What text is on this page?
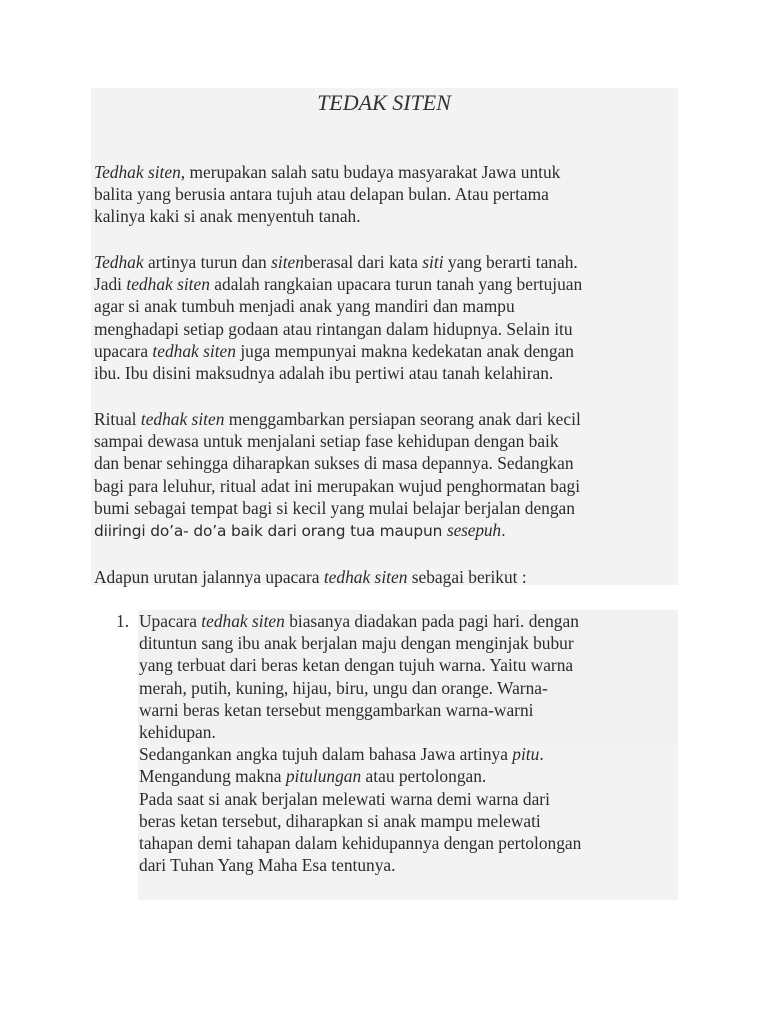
TEDAK SITEN
Tedhak siten, merupakan salah satu budaya masyarakat Jawa untuk
balita yang berusia antara tujuh atau delapan bulan. Atau pertama
kalinya kaki si anak menyentuh tanah.
Tedhak artinya turun dan sitenberasal dari kata siti yang berarti tanah.
Jadi tedhak siten adalah rangkaian upacara turun tanah yang bertujuan
agar si anak tumbuh menjadi anak yang mandiri dan mampu
menghadapi setiap godaan atau rintangan dalam hidupnya. Selain itu
upacara tedhak siten juga mempunyai makna kedekatan anak dengan
ibu. Ibu disini maksudnya adalah ibu pertiwi atau tanah kelahiran.
Ritual tedhak siten menggambarkan persiapan seorang anak dari kecil
sampai dewasa untuk menjalani setiap fase kehidupan dengan baik
dan benar sehingga diharapkan sukses di masa depannya. Sedangkan
bagi para leluhur, ritual adat ini merupakan wujud penghormatan bagi
bumi sebagai tempat bagi si kecil yang mulai belajar berjalan dengan
diiringi do’a- do’a baik dari orang tua maupun sesepuh.
Adapun urutan jalannya upacara tedhak siten sebagai berikut :
1. Upacara tedhak siten biasanya diadakan pada pagi hari. dengan
dituntun sang ibu anak berjalan maju dengan menginjak bubur
yang terbuat dari beras ketan dengan tujuh warna. Yaitu warna
merah, putih, kuning, hijau, biru, ungu dan orange. Warna-
warni beras ketan tersebut menggambarkan warna-warni
kehidupan.
Sedangankan angka tujuh dalam bahasa Jawa artinya pitu.
Mengandung makna pitulungan atau pertolongan.
Pada saat si anak berjalan melewati warna demi warna dari
beras ketan tersebut, diharapkan si anak mampu melewati
tahapan demi tahapan dalam kehidupannya dengan pertolongan
dari Tuhan Yang Maha Esa tentunya.
